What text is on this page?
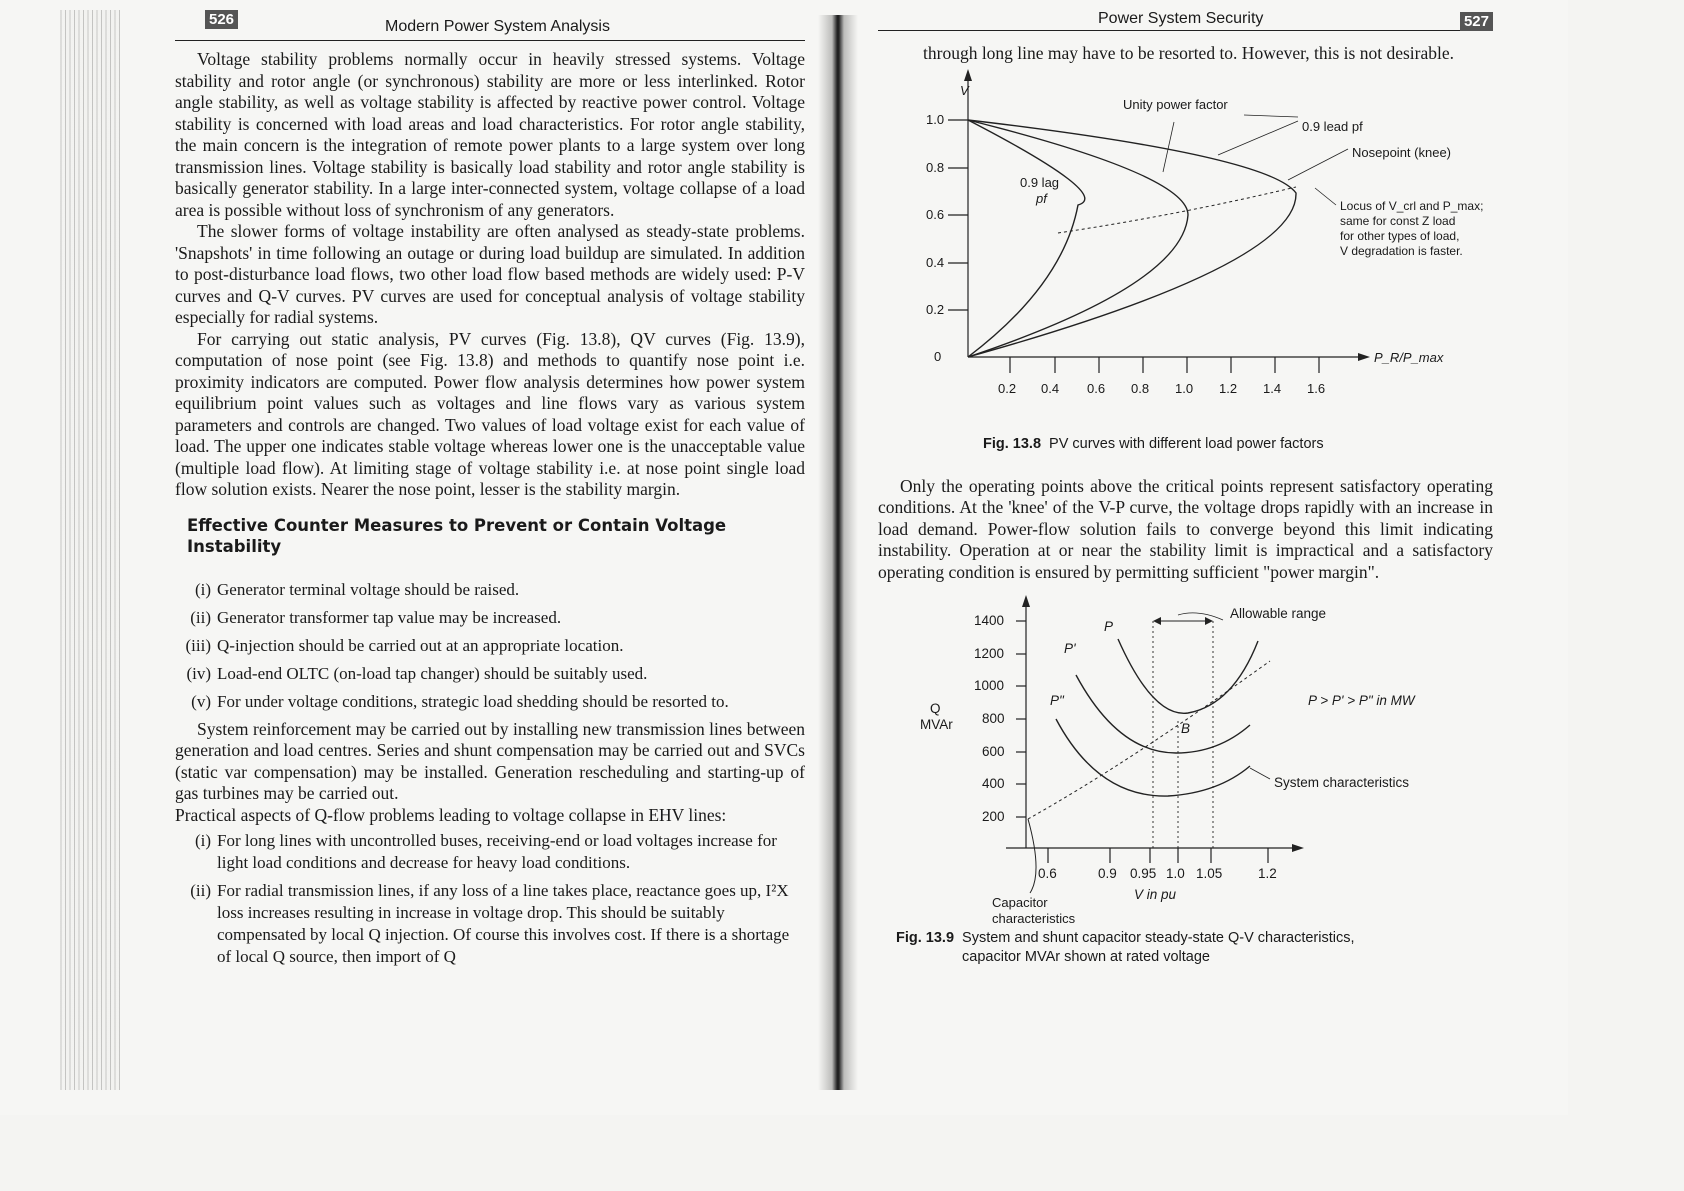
526	Modern Power System Analysis

Voltage stability problems normally occur in heavily stressed systems. Voltage stability and rotor angle (or synchronous) stability are more or less interlinked. Rotor angle stability, as well as voltage stability is affected by reactive power control. Voltage stability is concerned with load areas and load characteristics. For rotor angle stability, the main concern is the integration of remote power plants to a large system over long transmission lines. Voltage stability is basically load stability and rotor angle stability is basically generator stability. In a large inter-connected system, voltage collapse of a load area is possible without loss of synchronism of any generators.

The slower forms of voltage instability are often analysed as steady-state problems. 'Snapshots' in time following an outage or during load buildup are simulated. In addition to post-disturbance load flows, two other load flow based methods are widely used: P-V curves and Q-V curves. PV curves are used for conceptual analysis of voltage stability especially for radial systems.

For carrying out static analysis, PV curves (Fig. 13.8), QV curves (Fig. 13.9), computation of nose point (see Fig. 13.8) and methods to quantify nose point i.e. proximity indicators are computed. Power flow analysis determines how power system equilibrium point values such as voltages and line flows vary as various system parameters and controls are changed. Two values of load voltage exist for each value of load. The upper one indicates stable voltage whereas lower one is the unacceptable value (multiple load flow). At limiting stage of voltage stability i.e. at nose point single load flow solution exists. Nearer the nose point, lesser is the stability margin.

Effective Counter Measures to Prevent or Contain Voltage Instability
(i) Generator terminal voltage should be raised.
(ii) Generator transformer tap value may be increased.
(iii) Q-injection should be carried out at an appropriate location.
(iv) Load-end OLTC (on-load tap changer) should be suitably used.
(v) For under voltage conditions, strategic load shedding should be resorted to.

System reinforcement may be carried out by installing new transmission lines between generation and load centres. Series and shunt compensation may be carried out and SVCs (static var compensation) may be installed. Generation rescheduling and starting-up of gas turbines may be carried out.

Practical aspects of Q-flow problems leading to voltage collapse in EHV lines:

(i) For long lines with uncontrolled buses, receiving-end or load voltages increase for light load conditions and decrease for heavy load conditions.
(ii) For radial transmission lines, if any loss of a line takes place, reactance goes up, I²X loss increases resulting in increase in voltage drop. This should be suitably compensated by local Q injection. Of course this involves cost. If there is a shortage of local Q source, then import of Q
Power System Security	527

through long line may have to be resorted to. However, this is not desirable.

V
1.0
0.8
0.6
0.4
0.2
0
0.2 0.4 0.6 0.8 1.0 1.2 1.4 1.6
P_R/P_max
Unity power factor
0.9 lead pf
Nosepoint (knee)
0.9 lag
pf	Locus of V_crl and P_max;
same for const Z load
for other types of load,
V degradation is faster.
Fig. 13.8 PV curves with different load power factors

Only the operating points above the critical points represent satisfactory operating conditions. At the 'knee' of the V-P curve, the voltage drops rapidly with an increase in load demand. Power-flow solution fails to converge beyond this limit indicating instability. Operation at or near the stability limit is impractical and a satisfactory operating condition is ensured by permitting sufficient "power margin".

1400
1200
1000
800
600
400
200
Allowable range
P > P' > P" in MW
System characteristics
Q
MVAr
0.6	0.9 0.95 1.0 1.05	1.2
V in pu
Capacitor
characteristics
P
P'
P"
B
Fig. 13.9 System and shunt capacitor steady-state Q-V characteristics,
capacitor MVAr shown at rated voltage
